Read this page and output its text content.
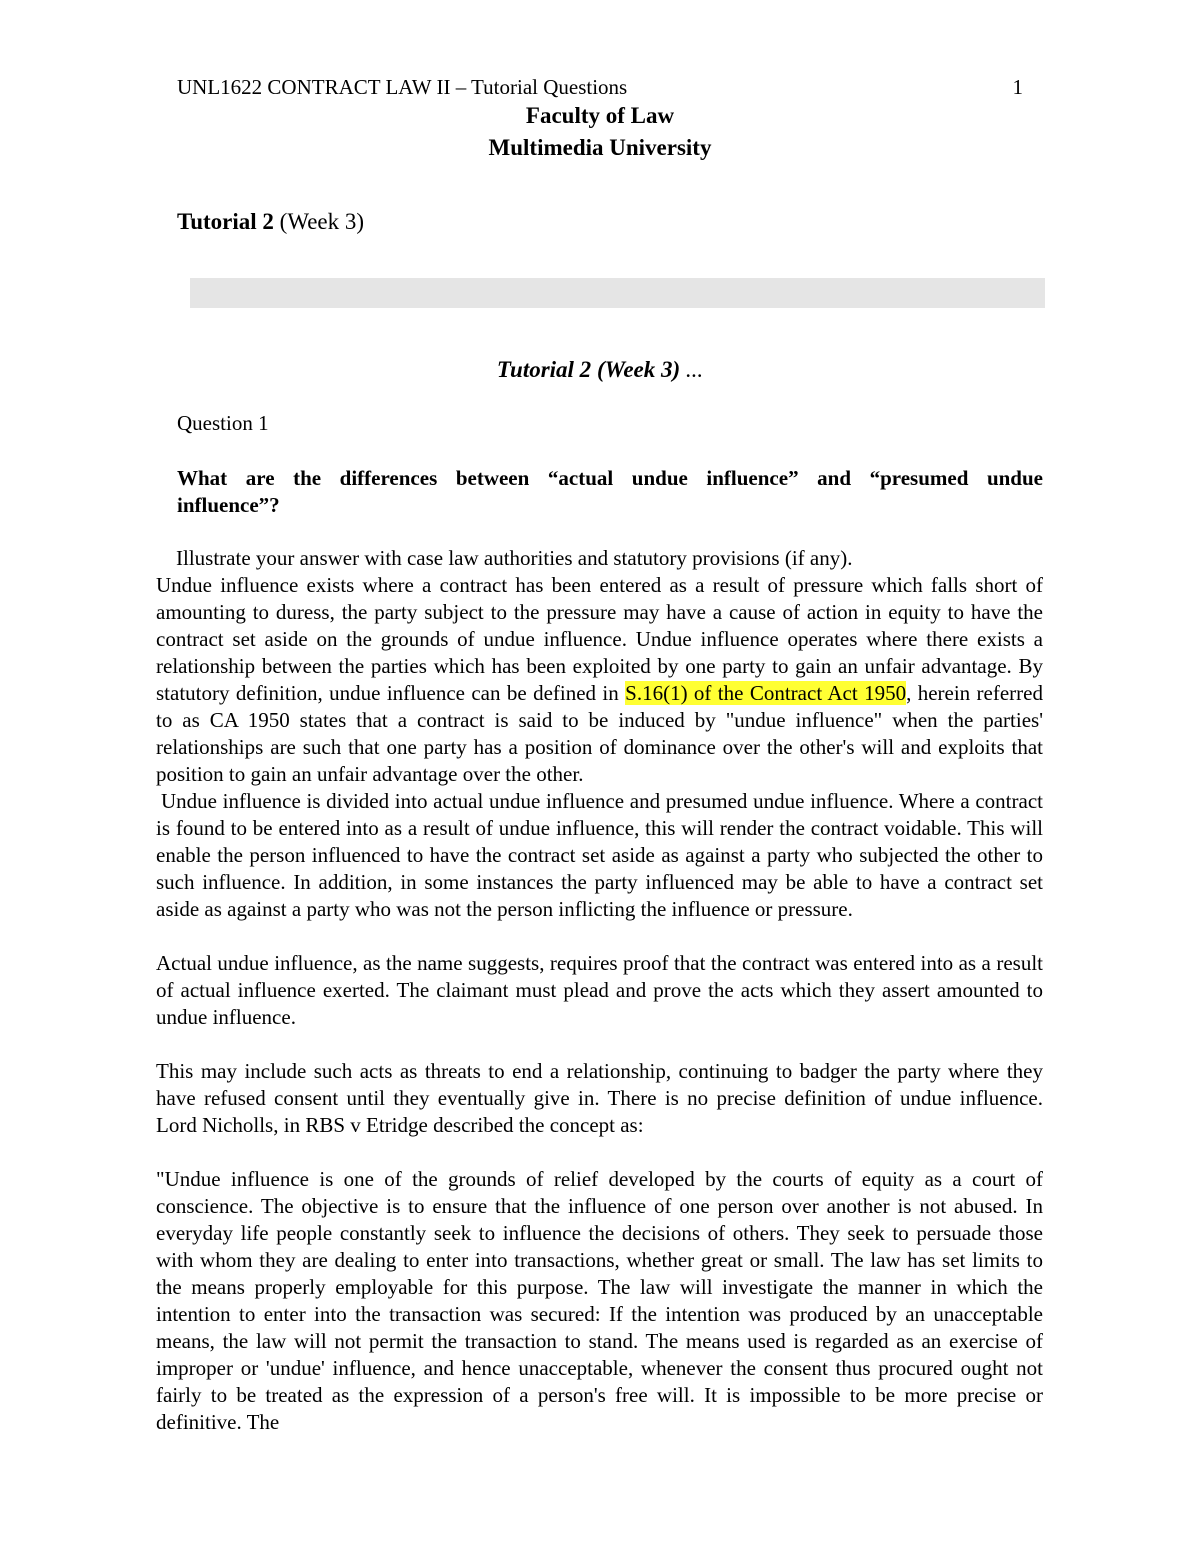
UNL1622 CONTRACT LAW II – Tutorial Questions	1
Faculty of Law
Multimedia University
Tutorial 2 (Week 3)
Tutorial 2 (Week 3) ...
Question 1
What are the differences between “actual undue influence” and “presumed undue influence”?

Illustrate your answer with case law authorities and statutory provisions (if any).

Undue influence exists where a contract has been entered as a result of pressure which falls short of amounting to duress, the party subject to the pressure may have a cause of action in equity to have the contract set aside on the grounds of undue influence. Undue influence operates where there exists a relationship between the parties which has been exploited by one party to gain an unfair advantage. By statutory definition, undue influence can be defined in S.16(1) of the Contract Act 1950, herein referred to as CA 1950 states that a contract is said to be induced by "undue influence" when the parties' relationships are such that one party has a position of dominance over the other's will and exploits that position to gain an unfair advantage over the other.

Undue influence is divided into actual undue influence and presumed undue influence. Where a contract is found to be entered into as a result of undue influence, this will render the contract voidable. This will enable the person influenced to have the contract set aside as against a party who subjected the other to such influence. In addition, in some instances the party influenced may be able to have a contract set aside as against a party who was not the person inflicting the influence or pressure.

Actual undue influence, as the name suggests, requires proof that the contract was entered into as a result of actual influence exerted. The claimant must plead and prove the acts which they assert amounted to undue influence.

This may include such acts as threats to end a relationship, continuing to badger the party where they have refused consent until they eventually give in. There is no precise definition of undue influence. Lord Nicholls, in RBS v Etridge described the concept as:

"Undue influence is one of the grounds of relief developed by the courts of equity as a court of conscience. The objective is to ensure that the influence of one person over another is not abused. In everyday life people constantly seek to influence the decisions of others. They seek to persuade those with whom they are dealing to enter into transactions, whether great or small. The law has set limits to the means properly employable for this purpose. The law will investigate the manner in which the intention to enter into the transaction was secured: If the intention was produced by an unacceptable means, the law will not permit the transaction to stand. The means used is regarded as an exercise of improper or 'undue' influence, and hence unacceptable, whenever the consent thus procured ought not fairly to be treated as the expression of a person's free will. It is impossible to be more precise or definitive. The
